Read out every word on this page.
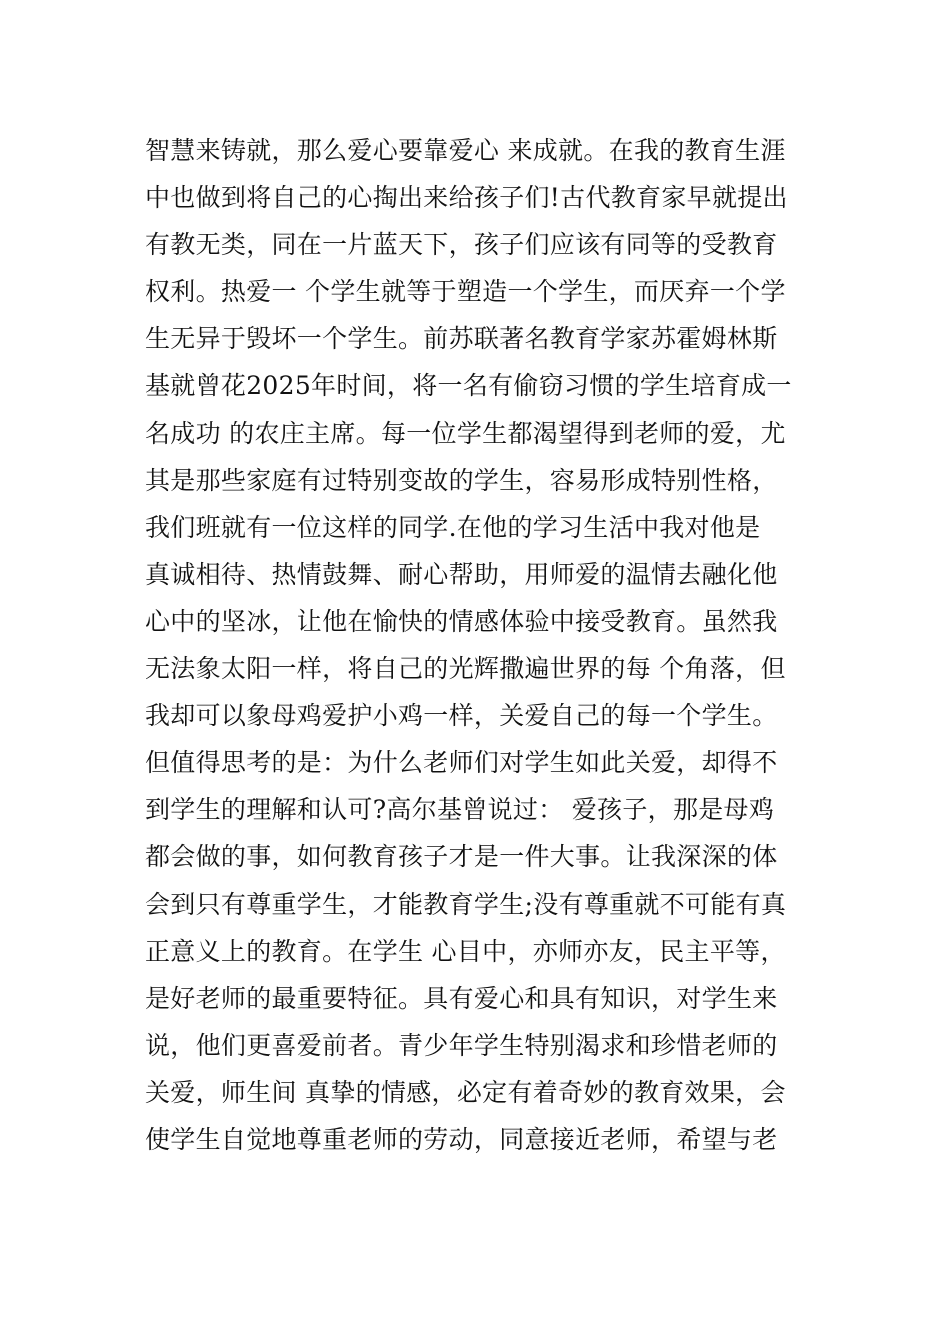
智慧来铸就，那么爱心要靠爱心 来成就。在我的教育生涯
中也做到将自己的心掏出来给孩子们!古代教育家早就提出
有教无类，同在一片蓝天下，孩子们应该有同等的受教育
权利。热爱一 个学生就等于塑造一个学生，而厌弃一个学
生无异于毁坏一个学生。前苏联著名教育学家苏霍姆林斯
基就曾花2025年时间，将一名有偷窃习惯的学生培育成一
名成功 的农庄主席。每一位学生都渴望得到老师的爱，尤
其是那些家庭有过特别变故的学生，容易形成特别性格，
我们班就有一位这样的同学.在他的学习生活中我对他是
真诚相待、热情鼓舞、耐心帮助，用师爱的温情去融化他
心中的坚冰，让他在愉快的情感体验中接受教育。虽然我
无法象太阳一样，将自己的光辉撒遍世界的每 个角落，但
我却可以象母鸡爱护小鸡一样，关爱自己的每一个学生。
但值得思考的是：为什么老师们对学生如此关爱，却得不
到学生的理解和认可?高尔基曾说过： 爱孩子，那是母鸡
都会做的事，如何教育孩子才是一件大事。让我深深的体
会到只有尊重学生，才能教育学生;没有尊重就不可能有真
正意义上的教育。在学生 心目中，亦师亦友，民主平等，
是好老师的最重要特征。具有爱心和具有知识，对学生来
说，他们更喜爱前者。青少年学生特别渴求和珍惜老师的
关爱，师生间 真挚的情感，必定有着奇妙的教育效果，会
使学生自觉地尊重老师的劳动，同意接近老师，希望与老
